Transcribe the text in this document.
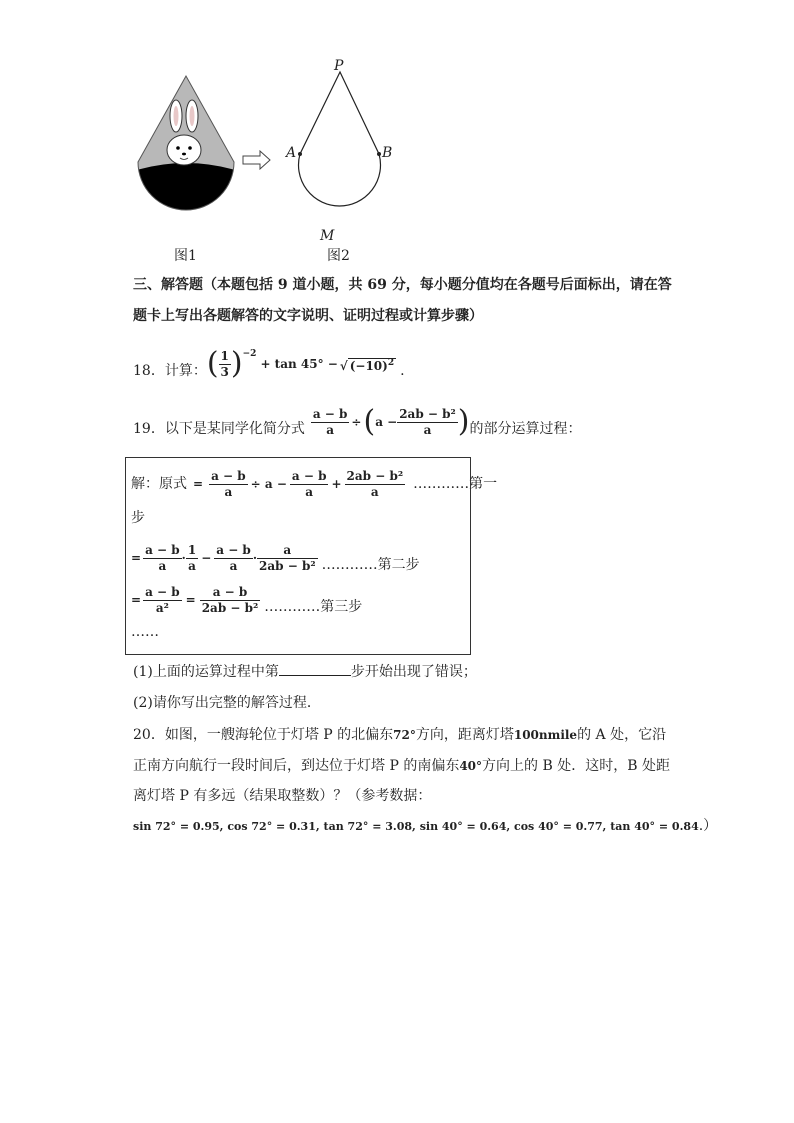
P
A	B
M
图1	图2
三、解答题（本题包括 9 道小题，共 69 分，每小题分值均在各题号后面标出，请在答
题卡上写出各题解答的文字说明、证明过程或计算步骤）
18．计算： ( $\frac{1}{3} )^{-2}$
+ tan 45° − √ $(-10)^2$
.
19．以下是某同学化简分式 $\frac{a - b}{a}$ ÷ ( $a - \frac{\text{2ab − b²}}{a}$ ) 的部分运算过程：
解：原式 = $\frac{a - b}{a} \div a - \frac{a - b}{a} + \frac{\text{2ab − b²}}{a}$ …………第一
步
= $\frac{a - b}{a} \cdot \frac{1}{a} - \frac{a - b}{a} \cdot \frac{a}{\text{2ab − b²}}$ …………第二步
= $\frac{a - b}{\text{a²}} = \frac{a - b}{\text{2ab − b²}}$ …………第三步
……
(1)上面的运算过程中第	步开始出现了错误；
(2)请你写出完整的解答过程．
20．如图，一艘海轮位于灯塔 P 的北偏东72°方向，距离灯塔100nmile的 A 处，它沿
正南方向航行一段时间后，到达位于灯塔 P 的南偏东40°方向上的 B 处．这时，B 处距
离灯塔 P 有多远（结果取整数）？（参考数据：
sin 72° = 0.95, cos 72° = 0.31, tan 72° = 3.08, sin 40° = 0.64, cos 40° = 0.77, tan 40° = 0.84.）
